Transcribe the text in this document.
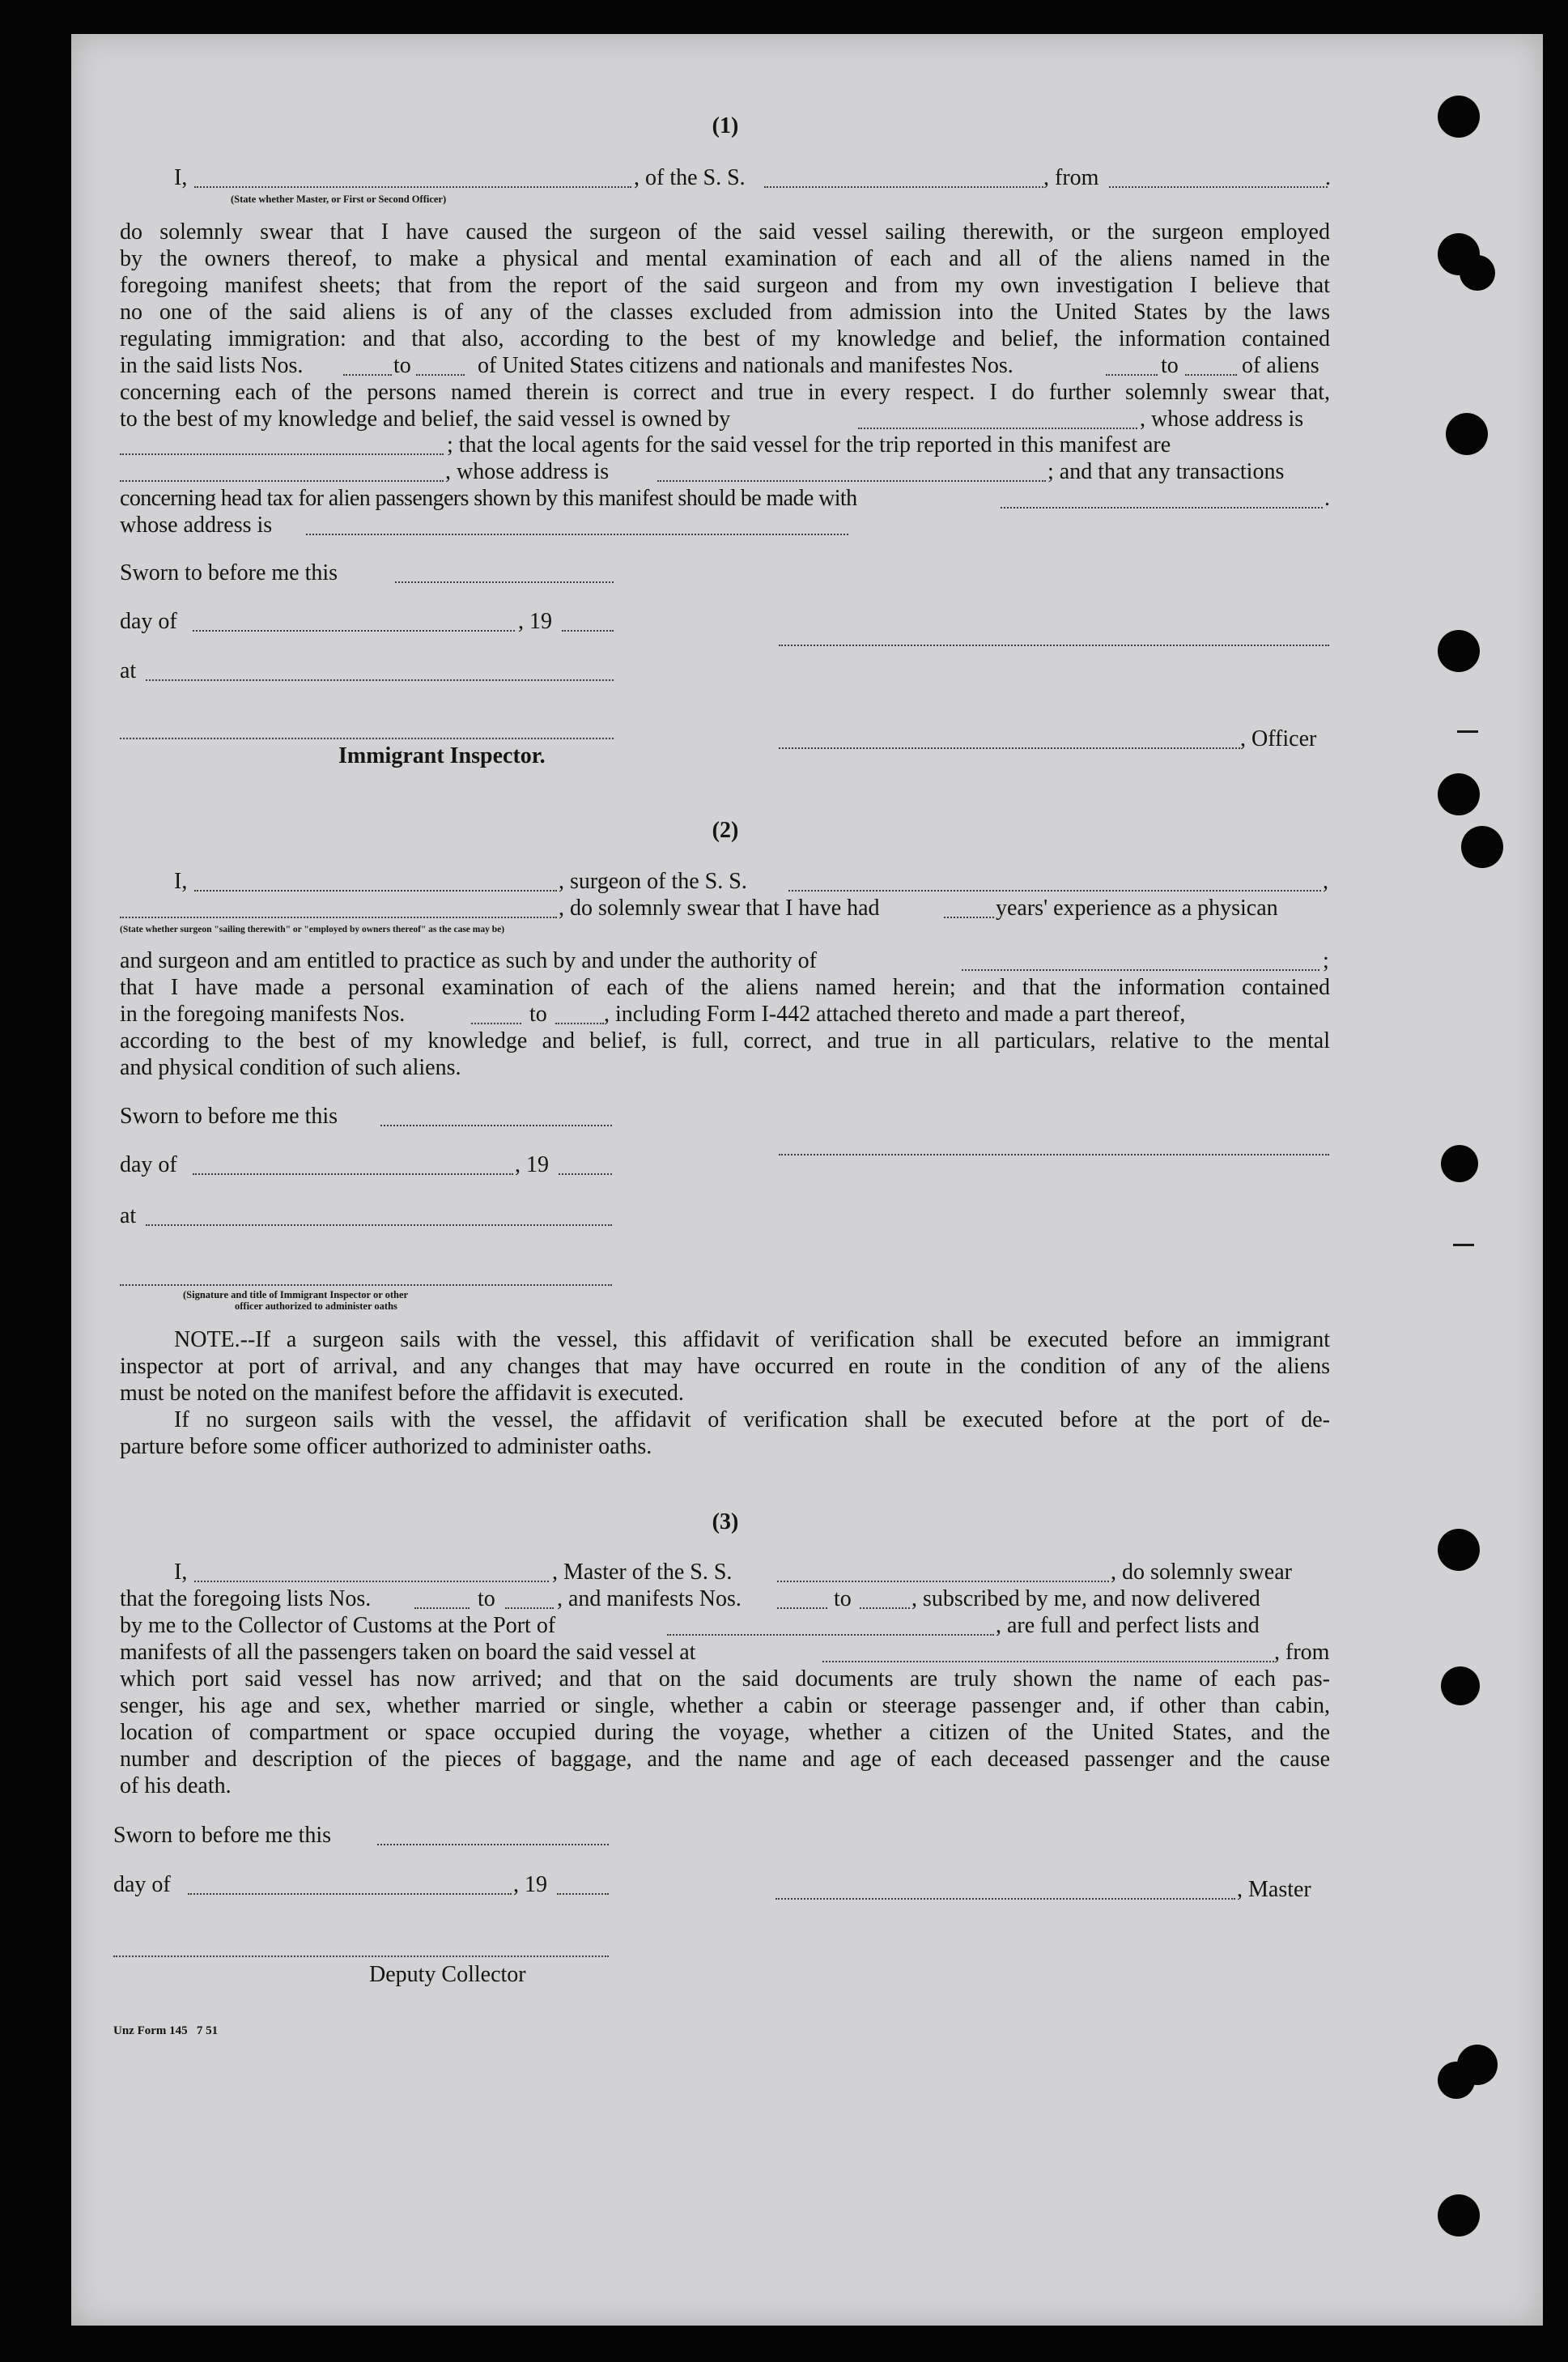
(1)
I,	, of the S. S.	, from	.
(State whether Master, or First or Second Officer)
do solemnly swear that I have caused the surgeon of the said vessel sailing therewith, or the surgeon employed
by the owners thereof, to make a physical and mental examination of each and all of the aliens named in the
foregoing manifest sheets; that from the report of the said surgeon and from my own investigation I believe that
no one of the said aliens is of any of the classes excluded from admission into the United States by the laws
regulating immigration: and that also, according to the best of my knowledge and belief, the information contained
in the said lists Nos.	to	of United States citizens and nationals and manifestes Nos.	to	of aliens
concerning each of the persons named therein is correct and true in every respect. I do further solemnly swear that,
to the best of my knowledge and belief, the said vessel is owned by	, whose address is
; that the local agents for the said vessel for the trip reported in this manifest are
, whose address is	; and that any transactions
concerning head tax for alien passengers shown by this manifest should be made with	.
whose address is
Sworn to before me this
day of	, 19
at
, Officer
Immigrant Inspector.
(2)
I,	, surgeon of the S. S.	,
, do solemnly swear that I have had	years' experience as a physican
(State whether surgeon "sailing therewith" or "employed by owners thereof" as the case may be)
and surgeon and am entitled to practice as such by and under the authority of	;
that I have made a personal examination of each of the aliens named herein; and that the information contained
in the foregoing manifests Nos.	to	, including Form I-442 attached thereto and made a part thereof,
according to the best of my knowledge and belief, is full, correct, and true in all particulars, relative to the mental
and physical condition of such aliens.
Sworn to before me this
day of	, 19
at
(Signature and title of Immigrant Inspector or other
officer authorized to administer oaths
NOTE.--If a surgeon sails with the vessel, this affidavit of verification shall be executed before an immigrant
inspector at port of arrival, and any changes that may have occurred en route in the condition of any of the aliens
must be noted on the manifest before the affidavit is executed.
If no surgeon sails with the vessel, the affidavit of verification shall be executed before at the port of de-
parture before some officer authorized to administer oaths.
(3)
I,	, Master of the S. S.	, do solemnly swear
that the foregoing lists Nos.	to	, and manifests Nos.	to	, subscribed by me, and now delivered
by me to the Collector of Customs at the Port of	, are full and perfect lists and
manifests of all the passengers taken on board the said vessel at	, from
which port said vessel has now arrived; and that on the said documents are truly shown the name of each pas-
senger, his age and sex, whether married or single, whether a cabin or steerage passenger and, if other than cabin,
location of compartment or space occupied during the voyage, whether a citizen of the United States, and the
number and description of the pieces of baggage, and the name and age of each deceased passenger and the cause
of his death.
Sworn to before me this
day of	, 19	, Master
Deputy Collector
Unz Form 145   7 51
